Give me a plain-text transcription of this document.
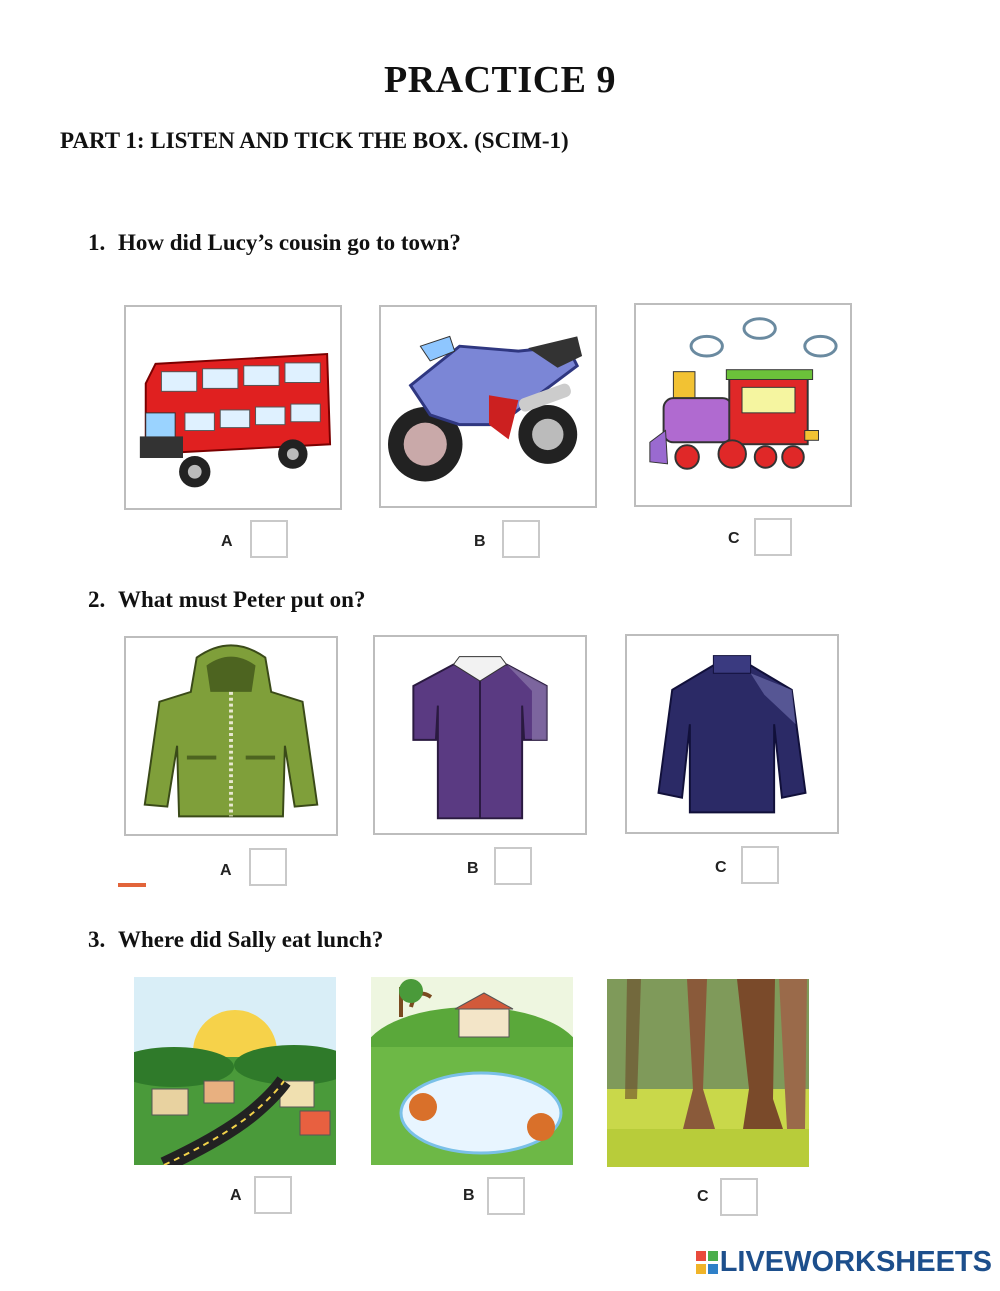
PRACTICE 9
PART 1: LISTEN AND TICK THE BOX. (SCIM-1)
1. How did Lucy’s cousin go to town?
A	B	C
2. What must Peter put on?
A	B	C
3. Where did Sally eat lunch?
A	B	C
LIVEWORKSHEETS
